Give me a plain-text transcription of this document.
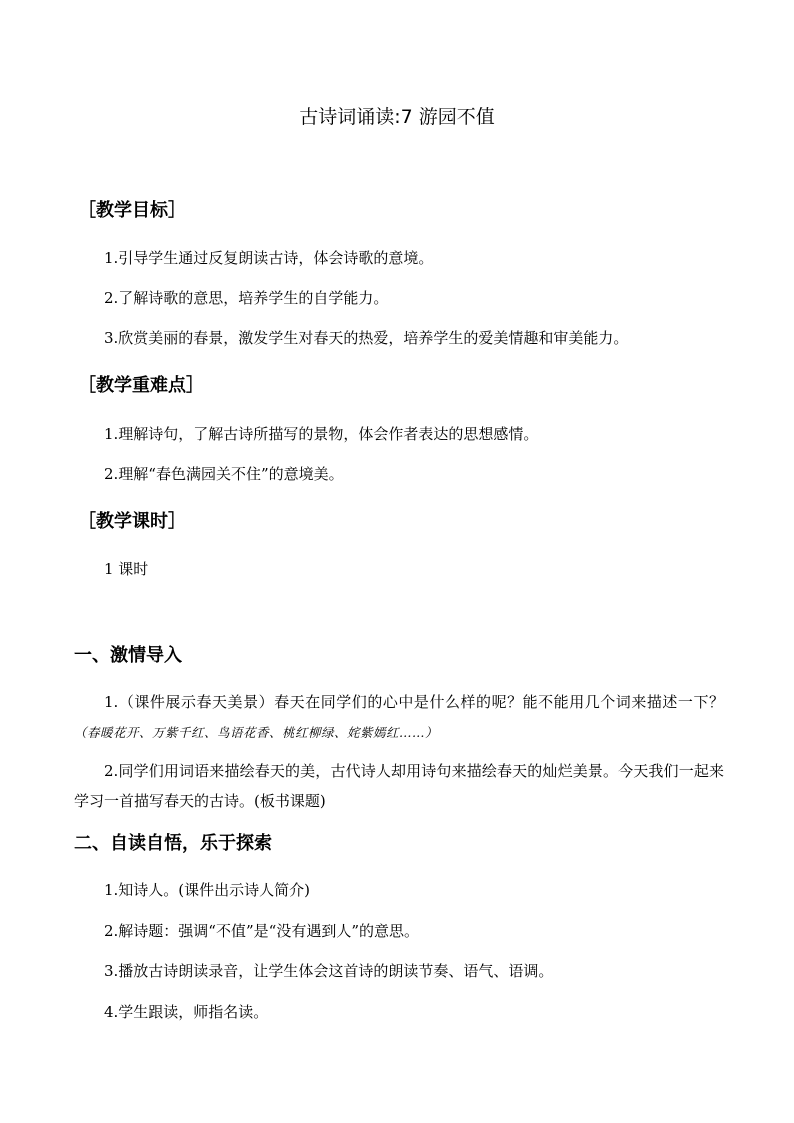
古诗词诵读:7 游园不值
［教学目标］
1.引导学生通过反复朗读古诗，体会诗歌的意境。
2.了解诗歌的意思，培养学生的自学能力。
3.欣赏美丽的春景，激发学生对春天的热爱，培养学生的爱美情趣和审美能力。
［教学重难点］
1.理解诗句，了解古诗所描写的景物，体会作者表达的思想感情。
2.理解“春色满园关不住”的意境美。
［教学课时］
1 课时
一、激情导入
1.（课件展示春天美景）春天在同学们的心中是什么样的呢？能不能用几个词来描述一下？（春暖花开、万紫千红、鸟语花香、桃红柳绿、姹紫嫣红……）
2.同学们用词语来描绘春天的美，古代诗人却用诗句来描绘春天的灿烂美景。今天我们一起来学习一首描写春天的古诗。(板书课题)
二、自读自悟，乐于探索
1.知诗人。(课件出示诗人简介)
2.解诗题：强调“不值”是“没有遇到人”的意思。
3.播放古诗朗读录音，让学生体会这首诗的朗读节奏、语气、语调。
4.学生跟读，师指名读。
